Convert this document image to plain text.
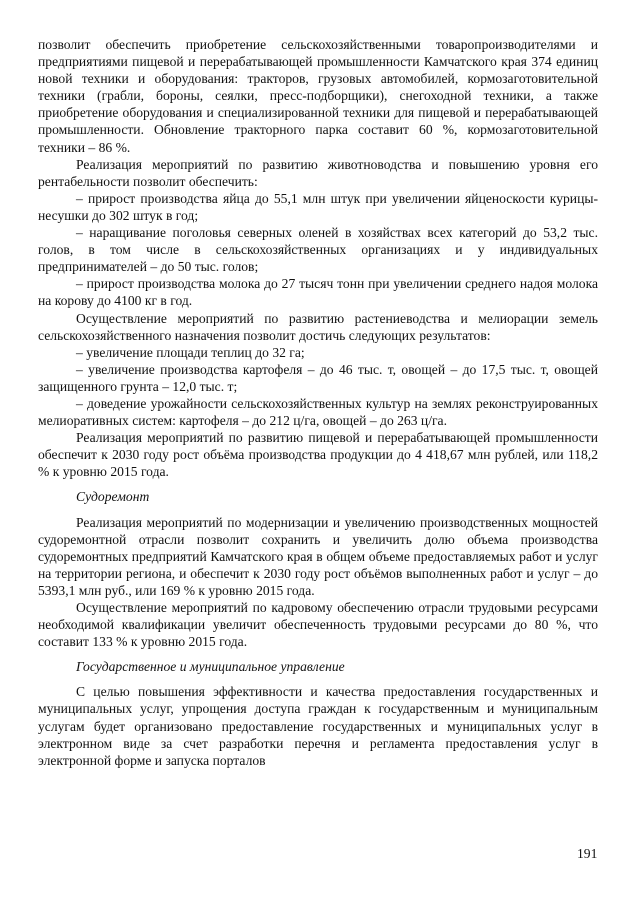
позволит обеспечить приобретение сельскохозяйственными товаропроизводителями и предприятиями пищевой и перерабатывающей промышленности Камчатского края 374 единиц новой техники и оборудования: тракторов, грузовых автомобилей, кормозаготовительной техники (грабли, бороны, сеялки, пресс-подборщики), снегоходной техники, а также приобретение оборудования и специализированной техники для пищевой и перерабатывающей промышленности. Обновление тракторного парка составит 60 %, кормозаготовительной техники – 86 %.

Реализация мероприятий по развитию животноводства и повышению уровня его рентабельности позволит обеспечить:

– прирост производства яйца до 55,1 млн штук при увеличении яйценоскости курицы-несушки до 302 штук в год;

– наращивание поголовья северных оленей в хозяйствах всех категорий до 53,2 тыс. голов, в том числе в сельскохозяйственных организациях и у индивидуальных предпринимателей – до 50 тыс. голов;

– прирост производства молока до 27 тысяч тонн при увеличении среднего надоя молока на корову до 4100 кг в год.

Осуществление мероприятий по развитию растениеводства и мелиорации земель сельскохозяйственного назначения позволит достичь следующих результатов:

– увеличение площади теплиц до 32 га;

– увеличение производства картофеля – до 46 тыс. т, овощей – до 17,5 тыс. т, овощей защищенного грунта – 12,0 тыс. т;

– доведение урожайности сельскохозяйственных культур на землях реконструированных мелиоративных систем: картофеля – до 212 ц/га, овощей – до 263 ц/га.

Реализация мероприятий по развитию пищевой и перерабатывающей промышленности обеспечит к 2030 году рост объёма производства продукции до 4 418,67 млн рублей, или 118,2 % к уровню 2015 года.

Судоремонт

Реализация мероприятий по модернизации и увеличению производственных мощностей судоремонтной отрасли позволит сохранить и увеличить долю объема производства судоремонтных предприятий Камчатского края в общем объеме предоставляемых работ и услуг на территории региона, и обеспечит к 2030 году рост объёмов выполненных работ и услуг – до 5393,1 млн руб., или 169 % к уровню 2015 года.

Осуществление мероприятий по кадровому обеспечению отрасли трудовыми ресурсами необходимой квалификации увеличит обеспеченность трудовыми ресурсами до 80 %, что составит 133 % к уровню 2015 года.

Государственное и муниципальное управление

С целью повышения эффективности и качества предоставления государственных и муниципальных услуг, упрощения доступа граждан к государственным и муниципальным услугам будет организовано предоставление государственных и муниципальных услуг в электронном виде за счет разработки перечня и регламента предоставления услуг в электронной форме и запуска порталов

191
